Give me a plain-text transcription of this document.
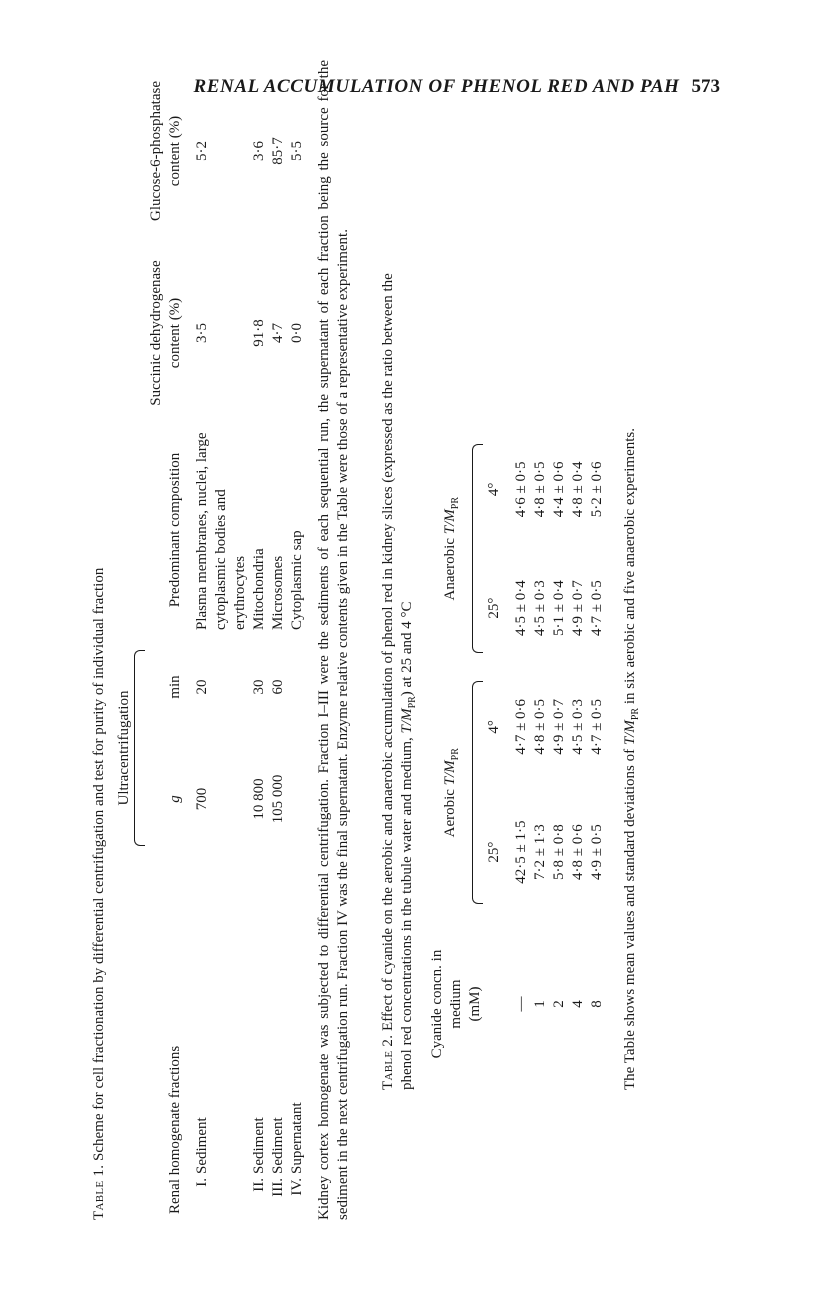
RENAL ACCUMULATION OF PHENOL RED AND PAH 573

Table 1. Scheme for cell fractionation by differential centrifugation and test for purity of individual fraction

		Ultracentrifugation				

Renal homogenate fractions		g	min	Predominant composition	Succinic dehydrogenase content (%)	Glucose-6-phosphatase content (%)

I.	Sediment	700	20	Plasma membranes, nuclei, large cytoplasmic bodies and erythrocytes	3·5	5·2
II.	Sediment	10 800	30	Mitochondria	91·8	3·6
III.	Sediment	105 000	60	Microsomes	4·7	85·7
IV.	Supernatant			Cytoplasmic sap	0·0	5·5 Kidney cortex homogenate was subjected to differential centrifugation. Fraction I–III were the sediments of each sequential run, the supernatant of each fraction being the source for the sediment in the next centrifugation run. Fraction IV was the final supernatant. Enzyme relative contents given in the Table were those of a representative experiment. Table 2. Effect of cyanide on the aerobic and anaerobic accumulation of phenol red in kidney slices (expressed as the ratio between the phenol red concentrations in the tubule water and medium, $T/M_{PR}$) at 25 and 4 °C

Cyanide concn. in medium (mM)	Aerobic $T/M_{PR}$		Anaerobic $T/M_{PR}$

	25°	4°	25°	4°

—	42·5 ± 1·5	4·7 ± 0·6	4·5 ± 0·4	4·6 ± 0·5
1	7·2 ± 1·3	4·8 ± 0·5	4·5 ± 0·3	4·8 ± 0·5
2	5·8 ± 0·8	4·9 ± 0·7	5·1 ± 0·4	4·4 ± 0·6
4	4·8 ± 0·6	4·5 ± 0·3	4·9 ± 0·7	4·8 ± 0·4
8	4·9 ± 0·5	4·7 ± 0·5	4·7 ± 0·5	5·2 ± 0·6

The Table shows mean values and standard deviations of $T/M_{PR}$ in six aerobic and five anaerobic experiments.
